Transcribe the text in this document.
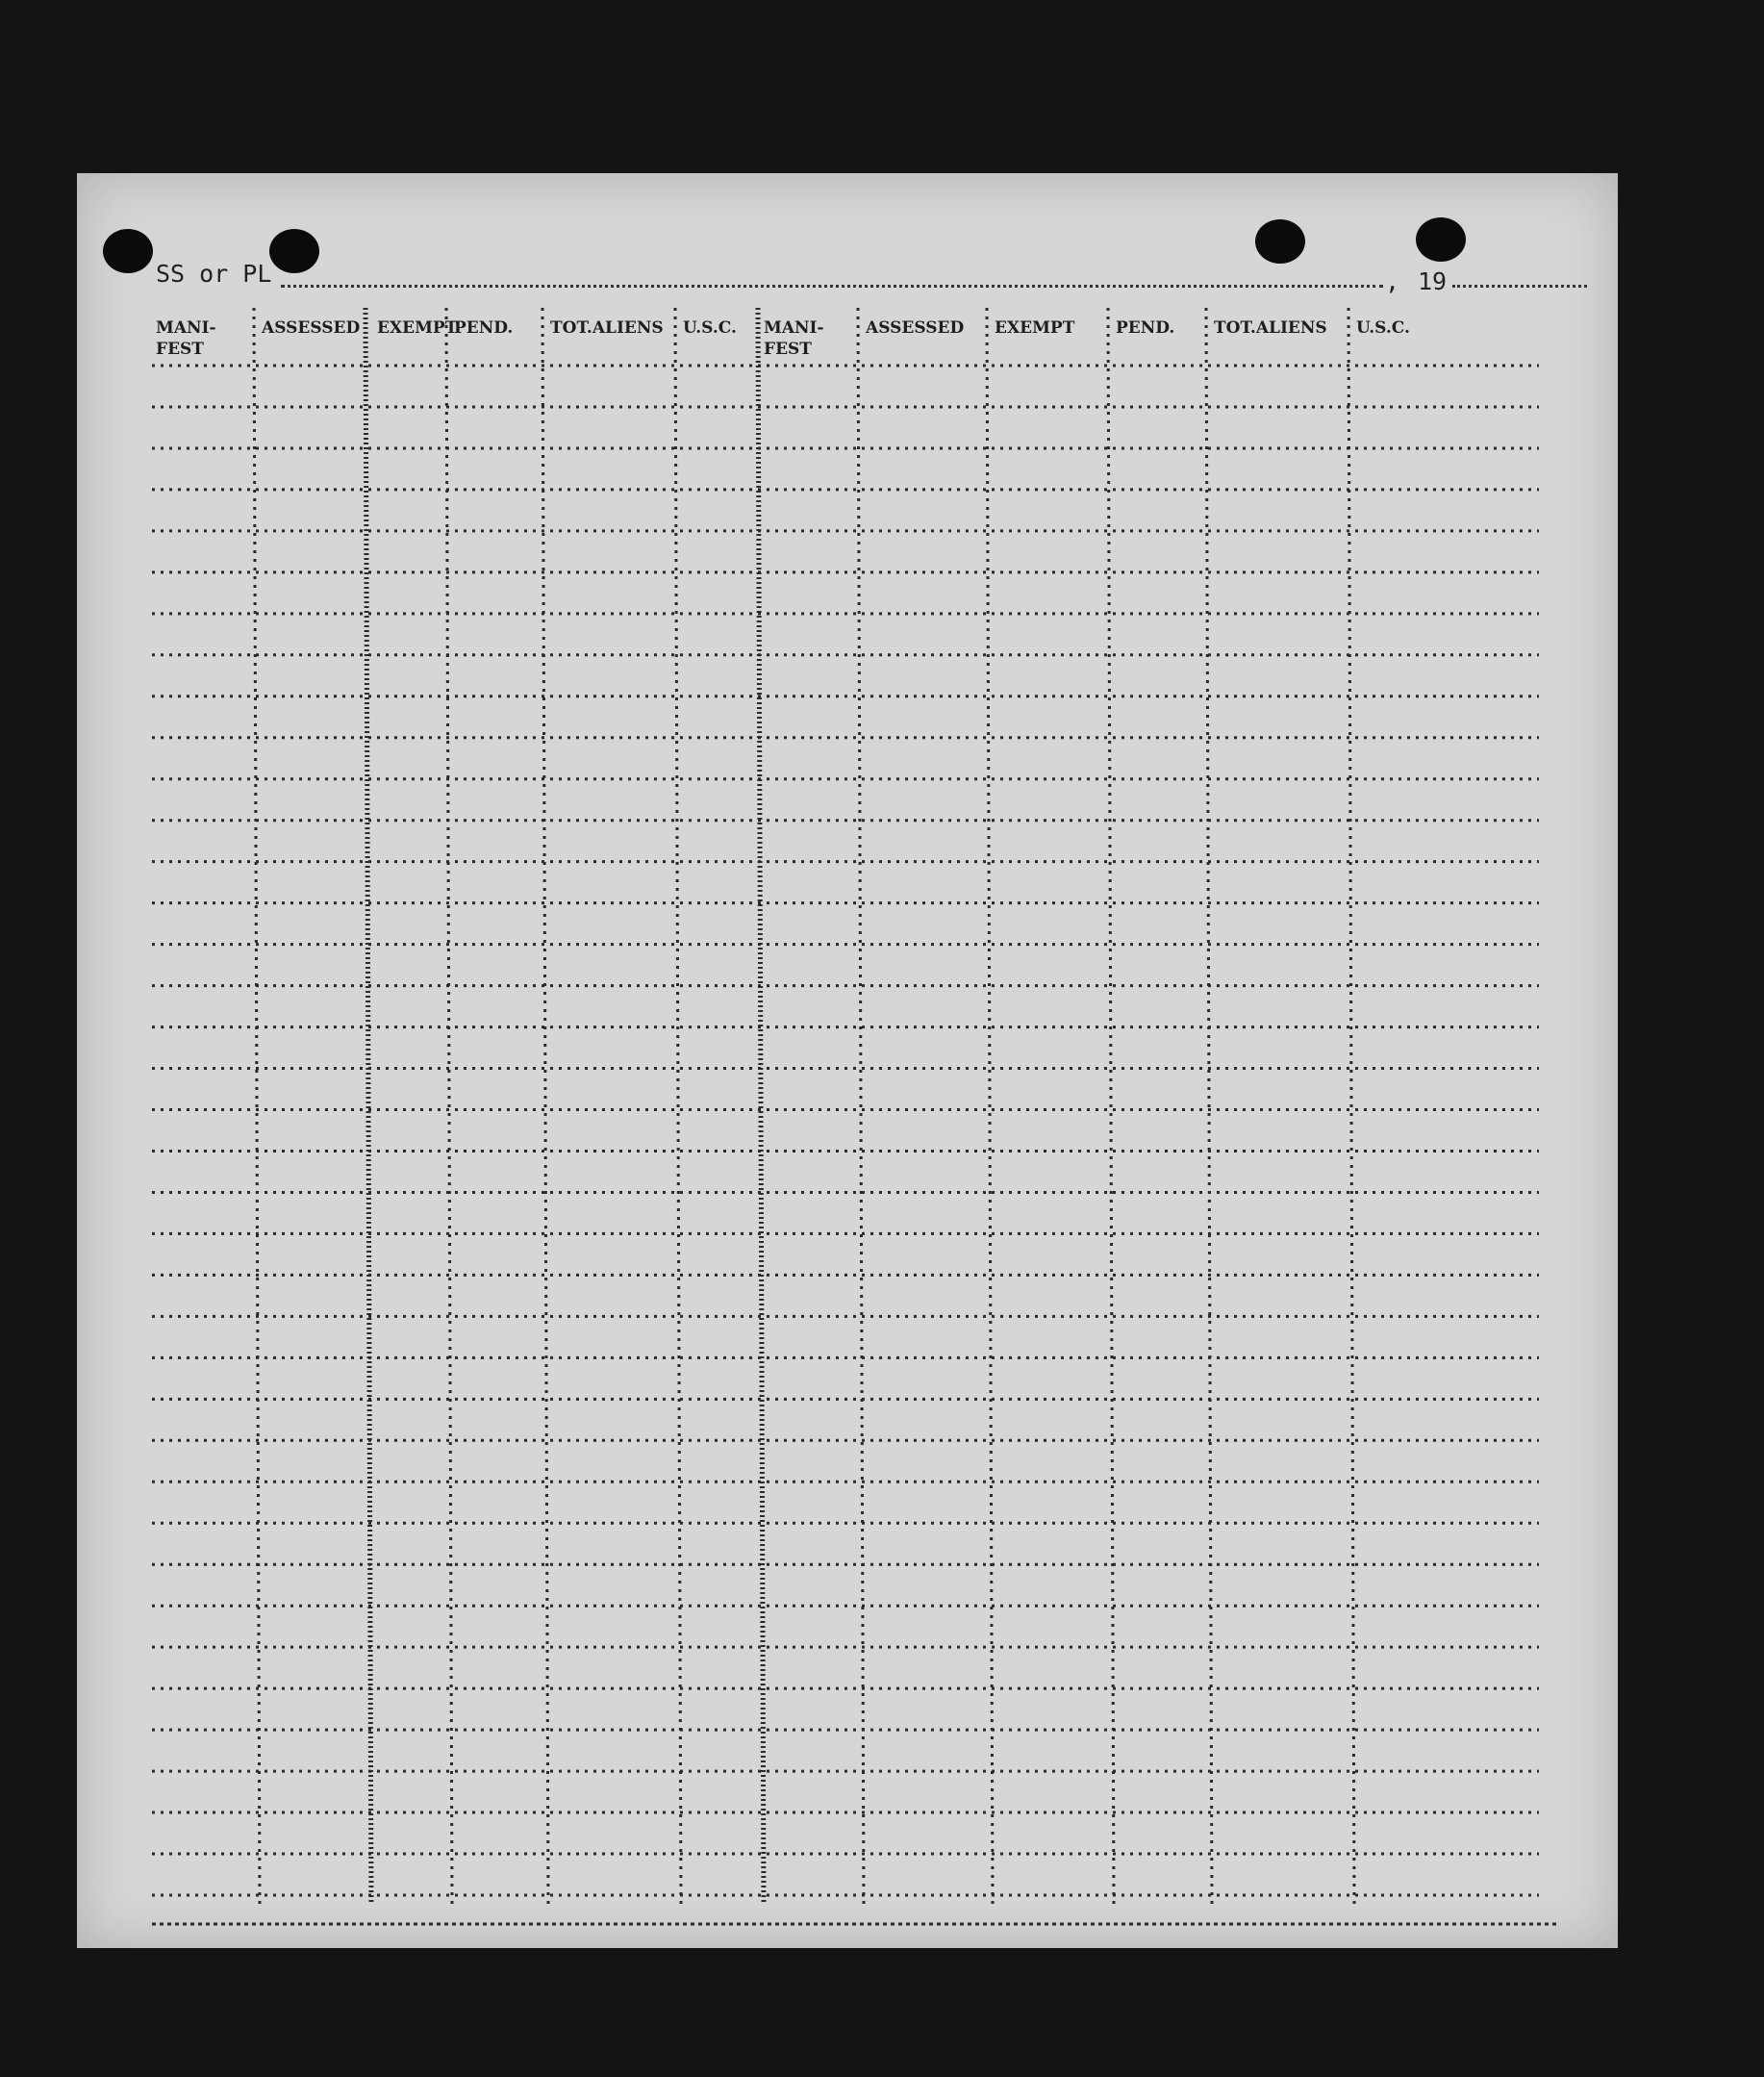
SS or PL	, 19
MANI-
FEST
ASSESSED EXEMPT
PEND. TOT.ALIENS U.S.C. MANI-
FEST
ASSESSED EXEMPT	PEND. TOT.ALIENS U.S.C.
